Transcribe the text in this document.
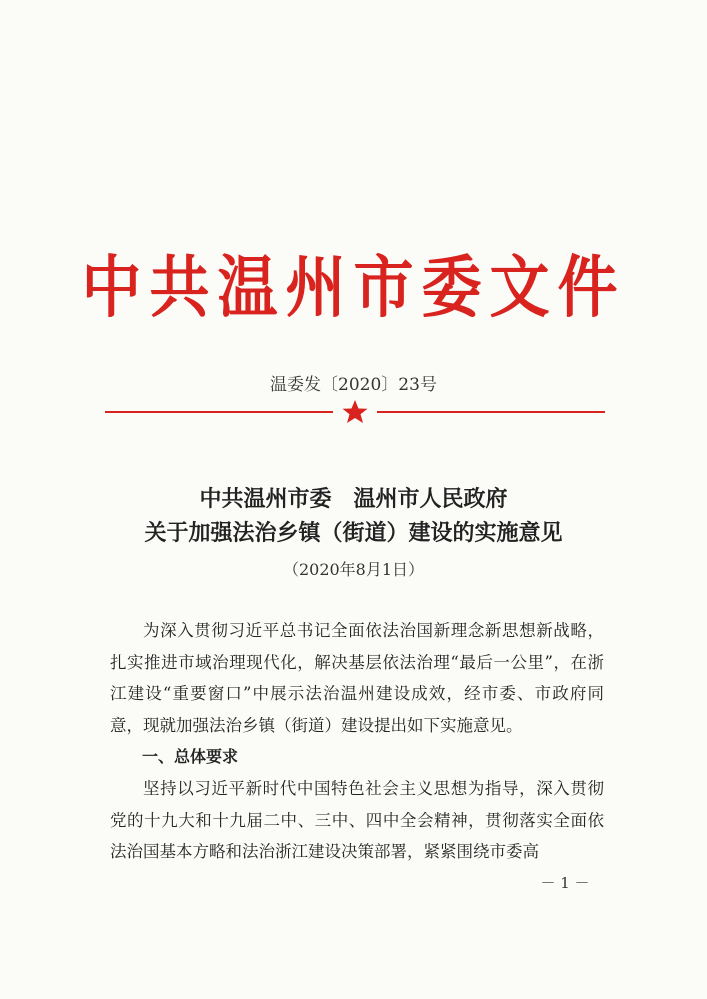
中共温州市委文件
温委发〔2020〕23号
中共温州市委　温州市人民政府
关于加强法治乡镇（街道）建设的实施意见
（2020年8月1日）

为深入贯彻习近平总书记全面依法治国新理念新思想新战略，扎实推进市域治理现代化，解决基层依法治理“最后一公里”，在浙江建设“重要窗口”中展示法治温州建设成效，经市委、市政府同意，现就加强法治乡镇（街道）建设提出如下实施意见。

一、总体要求

坚持以习近平新时代中国特色社会主义思想为指导，深入贯彻党的十九大和十九届二中、三中、四中全会精神，贯彻落实全面依法治国基本方略和法治浙江建设决策部署，紧紧围绕市委高

－ 1 －
